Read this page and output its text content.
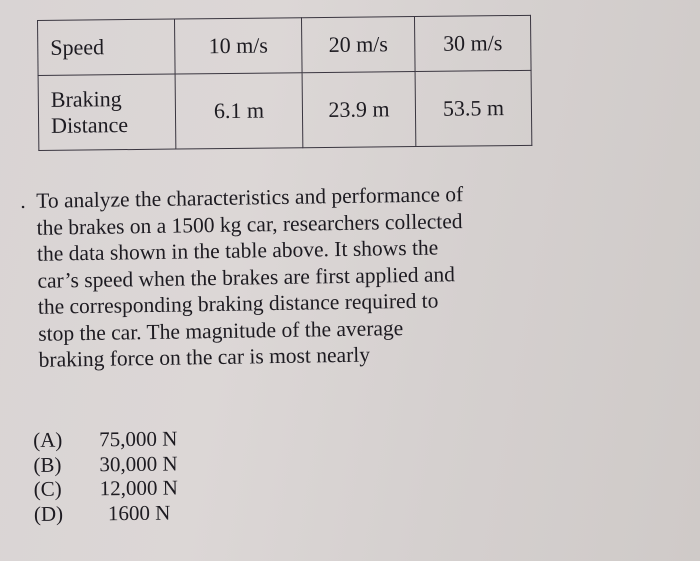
Speed	10 m/s	20 m/s	30 m/s

Braking
Distance	6.1 m	23.9 m	53.5 m
. To analyze the characteristics and performance of
the brakes on a 1500 kg car, researchers collected
the data shown in the table above. It shows the
car’s speed when the brakes are first applied and
the corresponding braking distance required to
stop the car. The magnitude of the average
braking force on the car is most nearly
(A) 75,000 N
(B) 30,000 N
(C) 12,000 N
(D) 1600 N
